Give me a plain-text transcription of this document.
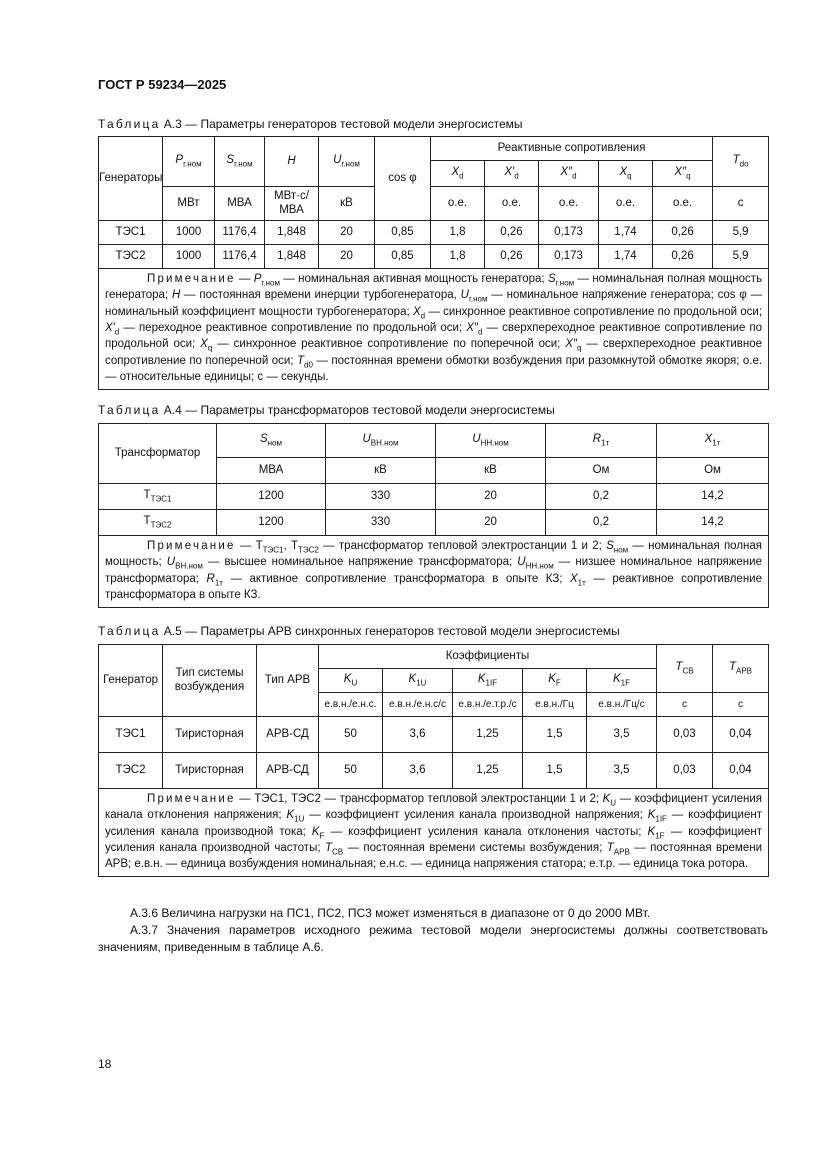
ГОСТ Р 59234—2025
Таблица А.3 — Параметры генераторов тестовой модели энергосистемы
Генераторы	$P_{г.ном}$	$S_{г.ном}$	H	$U_{г.ном}$	cos φ	Реактивные сопротивления					$T_{do}$
						$X_d$	$X'_d$	$X''_d$	$X_q$	$X''_q$
	МВт	МВА	МВт·с/МВА	кВ		о.е.	о.е.	о.е.	о.е.	о.е.	с
ТЭС1	1000	1176,4	1,848	20	0,85	1,8	0,26	0,173	1,74	0,26	5,9
ТЭС2	1000	1176,4	1,848	20	0,85	1,8	0,26	0,173	1,74	0,26	5,9
Примечание — $P_{г.ном}$ — номинальная активная мощность генератора; $S_{г.ном}$ — номинальная полная мощность генератора; H — постоянная времени инерции турбогенератора, $U_{г.ном}$ — номинальное напряжение генератора; cos φ — номинальный коэффициент мощности турбогенератора; $X_d$ — синхронное реактивное сопротивление по продольной оси; $X'_d$ — переходное реактивное сопротивление по продольной оси; $X''_d$ — сверхпереходное реактивное сопротивление по продольной оси; $X_q$ — синхронное реактивное сопротивление по поперечной оси; $X''_q$ — сверхпереходное реактивное сопротивление по поперечной оси; $T_{d0}$ — постоянная времени обмотки возбуждения при разомкнутой обмотке якоря; о.е. — относительные единицы; с — секунды.											
Таблица А.4 — Параметры трансформаторов тестовой модели энергосистемы
Трансформатор	$S_{ном}$	$U_{ВН.ном}$	$U_{НН.ном}$	$R_{1т}$	$X_{1т}$
	МВА	кВ	кВ	Ом	Ом
$Т_{ТЭС1}$	1200	330	20	0,2	14,2
$Т_{ТЭС2}$	1200	330	20	0,2	14,2
Примечание — $Т_{ТЭС1}$, $Т_{ТЭС2}$ — трансформатор тепловой электростанции 1 и 2; $S_{ном}$ — номинальная полная мощность; $U_{ВН.ном}$ — высшее номинальное напряжение трансформатора; $U_{НН.ном}$ — низшее номинальное напряжение трансформатора; $R_{1т}$ — активное сопротивление трансформатора в опыте КЗ; $X_{1т}$ — реактивное сопротивление трансформатора в опыте КЗ.					
Таблица А.5 — Параметры АРВ синхронных генераторов тестовой модели энергосистемы
Генератор	Тип системы возбуждения	Тип АРВ	Коэффициенты					$T_{СВ}$	$T_{АРВ}$
			$K_U$	$K_{1U}$	$K_{1IF}$	$K_F$	$K_{1F}$
			е.в.н./е.н.с.	е.в.н./е.н.с/с	е.в.н./е.т.р./с	е.в.н./Гц	е.в.н./Гц/с	с	с
ТЭС1	Тиристорная	АРВ-СД	50	3,6	1,25	1,5	3,5	0,03	0,04
ТЭС2	Тиристорная	АРВ-СД	50	3,6	1,25	1,5	3,5	0,03	0,04
Примечание — ТЭС1, ТЭС2 — трансформатор тепловой электростанции 1 и 2; $K_U$ — коэффициент усиления канала отклонения напряжения; $K_{1U}$ — коэффициент усиления канала производной напряжения; $K_{1IF}$ — коэффициент усиления канала производной тока; $K_F$ — коэффициент усиления канала отклонения частоты; $K_{1F}$ — коэффициент усиления канала производной частоты; $T_{СВ}$ — постоянная времени системы возбуждения; $T_{АРВ}$ — постоянная времени АРВ; е.в.н. — единица возбуждения номинальная; е.н.с. — единица напряжения статора; е.т.р. — единица тока ротора.									

А.3.6 Величина нагрузки на ПС1, ПС2, ПС3 может изменяться в диапазоне от 0 до 2000 МВт.

А.3.7 Значения параметров исходного режима тестовой модели энергосистемы должны соответствовать значениям, приведенным в таблице А.6.

18
